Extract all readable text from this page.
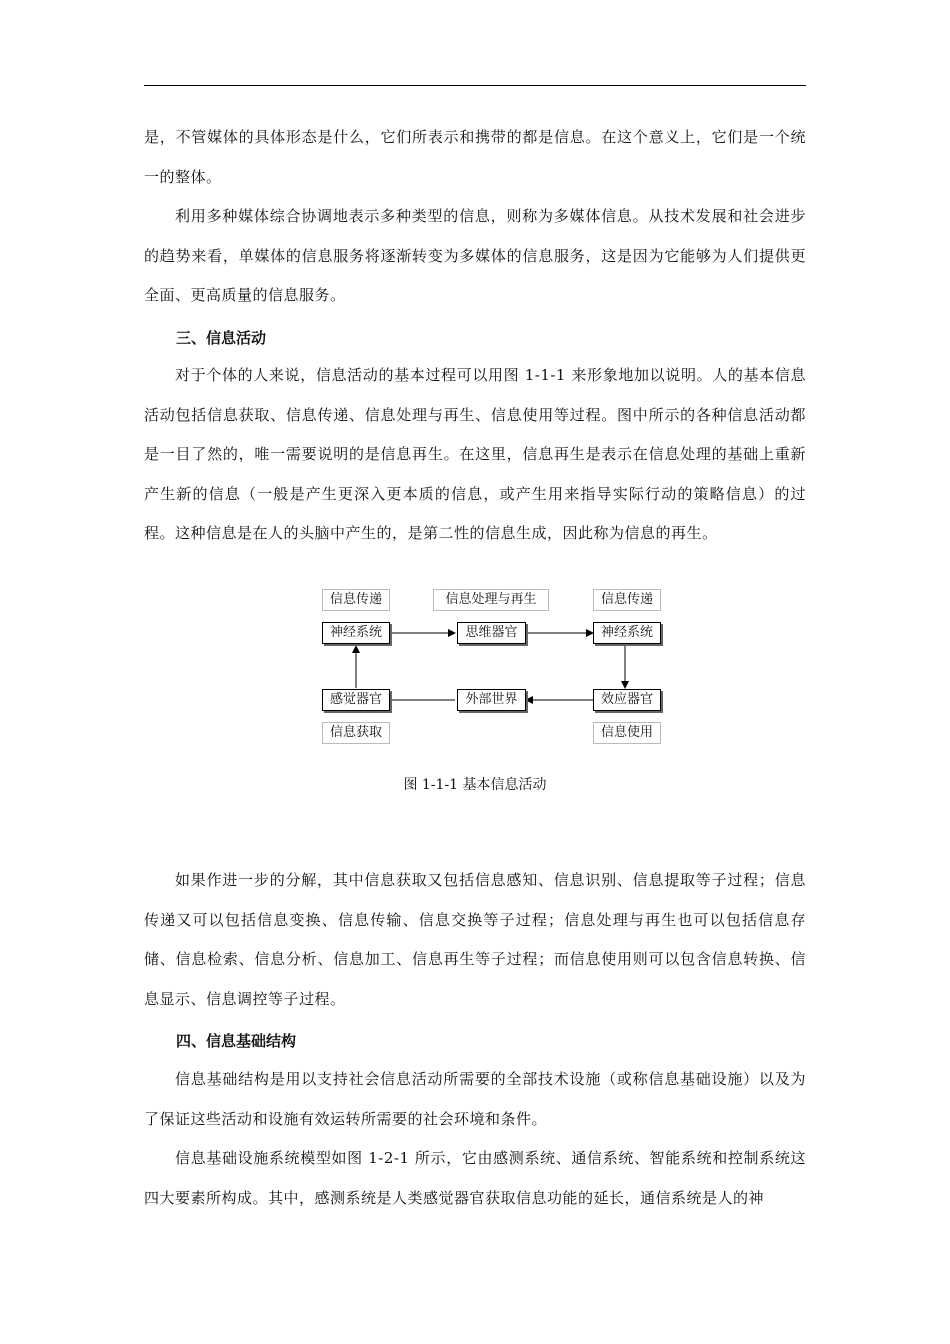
是，不管媒体的具体形态是什么，它们所表示和携带的都是信息。在这个意义上，它们是一个统一的整体。

利用多种媒体综合协调地表示多种类型的信息，则称为多媒体信息。从技术发展和社会进步的趋势来看，单媒体的信息服务将逐渐转变为多媒体的信息服务，这是因为它能够为人们提供更全面、更高质量的信息服务。

三、信息活动

对于个体的人来说，信息活动的基本过程可以用图 1-1-1 来形象地加以说明。人的基本信息活动包括信息获取、信息传递、信息处理与再生、信息使用等过程。图中所示的各种信息活动都是一目了然的，唯一需要说明的是信息再生。在这里，信息再生是表示在信息处理的基础上重新产生新的信息（一般是产生更深入更本质的信息，或产生用来指导实际行动的策略信息）的过程。这种信息是在人的头脑中产生的，是第二性的信息生成，因此称为信息的再生。

信息传递	信息处理与再生	信息传递
神经系统	思维器官	神经系统
感觉器官	外部世界	效应器官
信息获取	信息使用

图 1-1-1 基本信息活动

如果作进一步的分解，其中信息获取又包括信息感知、信息识别、信息提取等子过程；信息传递又可以包括信息变换、信息传输、信息交换等子过程；信息处理与再生也可以包括信息存储、信息检索、信息分析、信息加工、信息再生等子过程；而信息使用则可以包含信息转换、信息显示、信息调控等子过程。

四、信息基础结构

信息基础结构是用以支持社会信息活动所需要的全部技术设施（或称信息基础设施）以及为了保证这些活动和设施有效运转所需要的社会环境和条件。

信息基础设施系统模型如图 1-2-1 所示，它由感测系统、通信系统、智能系统和控制系统这四大要素所构成。其中，感测系统是人类感觉器官获取信息功能的延长，通信系统是人的神
